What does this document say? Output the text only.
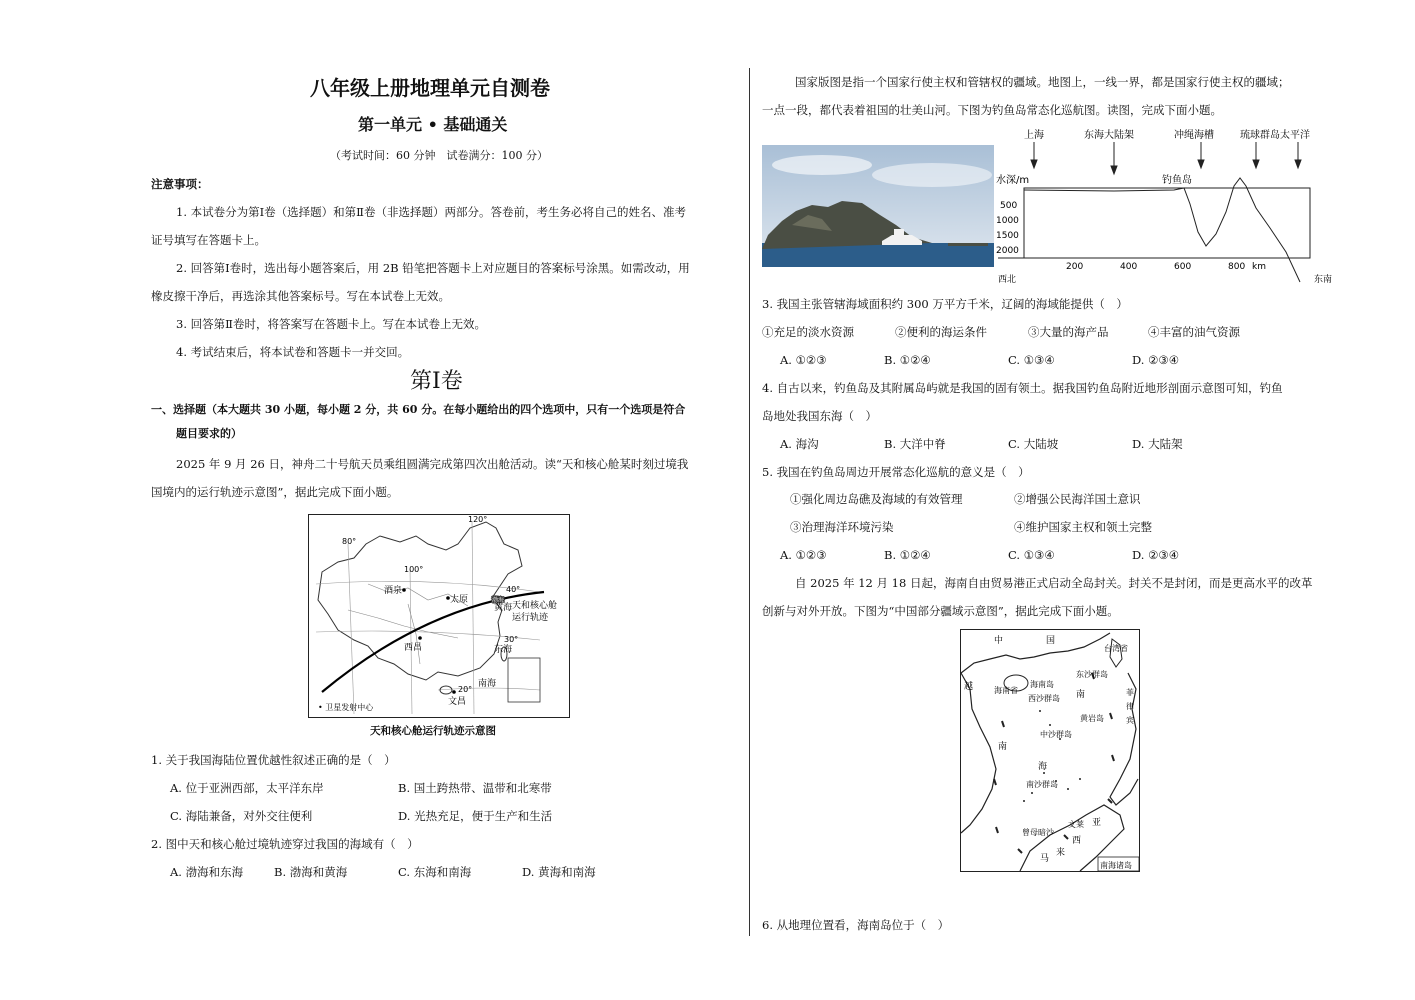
八年级上册地理单元自测卷
第一单元 • 基础通关
（考试时间：60 分钟　试卷满分：100 分）
注意事项：
1. 本试卷分为第Ⅰ卷（选择题）和第Ⅱ卷（非选择题）两部分。答卷前，考生务必将自己的姓名、准考
证号填写在答题卡上。
2. 回答第Ⅰ卷时，选出每小题答案后，用 2B 铅笔把答题卡上对应题目的答案标号涂黑。如需改动，用
橡皮擦干净后，再选涂其他答案标号。写在本试卷上无效。
3. 回答第Ⅱ卷时，将答案写在答题卡上。写在本试卷上无效。
4. 考试结束后，将本试卷和答题卡一并交回。
第Ⅰ卷
一、选择题（本大题共 30 小题，每小题 2 分，共 60 分。在每小题给出的四个选项中，只有一个选项是符合
题目要求的）
2025 年 9 月 26 日，神舟二十号航天员乘组圆满完成第四次出舱活动。读“天和核心舱某时刻过境我
国境内的运行轨迹示意图”，据此完成下面小题。
80°
100°
120°
40°
30°
20°
酒泉
太原
西昌
文昌
渤海
黄海
东海
南海
天和核心舱
运行轨迹
• 卫星发射中心
天和核心舱运行轨迹示意图
1. 关于我国海陆位置优越性叙述正确的是（　）
A. 位于亚洲西部，太平洋东岸	B. 国土跨热带、温带和北寒带
C. 海陆兼备，对外交往便利	D. 光热充足，便于生产和生活
2. 图中天和核心舱过境轨迹穿过我国的海域有（　）
A. 渤海和东海	B. 渤海和黄海	C. 东海和南海	D. 黄海和南海
国家版图是指一个国家行使主权和管辖权的疆域。地图上，一线一界，都是国家行使主权的疆域；
一点一段，都代表着祖国的壮美山河。下图为钓鱼岛常态化巡航图。读图，完成下面小题。
上海	东海大陆架	冲绳海槽	琉球群岛 太平洋
水深/m	钓鱼岛
500
1000
1500
2000
200	400	600	800 km
西北	东南
3. 我国主张管辖海域面积约 300 万平方千米，辽阔的海域能提供（　）
①充足的淡水资源	②便利的海运条件	③大量的海产品	④丰富的油气资源
A. ①②③	B. ①②④	C. ①③④	D. ②③④
4. 自古以来，钓鱼岛及其附属岛屿就是我国的固有领土。据我国钓鱼岛附近地形剖面示意图可知，钓鱼
岛地处我国东海（　）
A. 海沟	B. 大洋中脊	C. 大陆坡	D. 大陆架
5. 我国在钓鱼岛周边开展常态化巡航的意义是（　）
①强化周边岛礁及海域的有效管理	②增强公民海洋国土意识
③治理海洋环境污染	④维护国家主权和领土完整
A. ①②③	B. ①②④	C. ①③④	D. ②③④
自 2025 年 12 月 18 日起，海南自由贸易港正式启动全岛封关。封关不是封闭，而是更高水平的改革
创新与对外开放。下图为“中国部分疆域示意图”，据此完成下面小题。
中	国
台湾省
东沙群岛
海南岛
海南省
西沙群岛 南
中沙群岛
黄岩岛
海
南沙群岛
曾母暗沙
文莱 亚
西
来
马
越
南
菲
律
宾
南海诸岛
6. 从地理位置看，海南岛位于（　）
